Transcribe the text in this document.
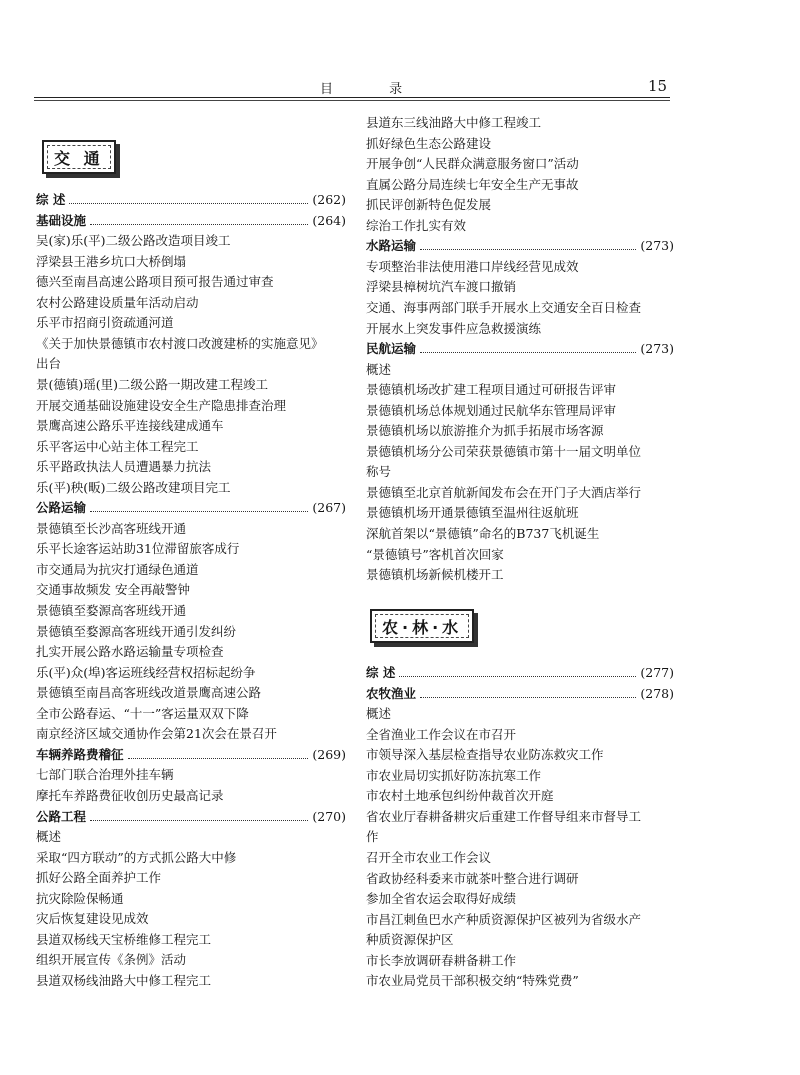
目 录	15
交 通
综 述	(262)
基础设施	(264)
吴(家)乐(平)二级公路改造项目竣工
浮梁县王港乡坑口大桥倒塌
德兴至南昌高速公路项目预可报告通过审查
农村公路建设质量年活动启动
乐平市招商引资疏通河道
《关于加快景德镇市农村渡口改渡建桥的实施意见》
出台
景(德镇)瑶(里)二级公路一期改建工程竣工
开展交通基础设施建设安全生产隐患排查治理
景鹰高速公路乐平连接线建成通车
乐平客运中心站主体工程完工
乐平路政执法人员遭遇暴力抗法
乐(平)秧(畈)二级公路改建项目完工
公路运输	(267)
景德镇至长沙高客班线开通
乐平长途客运站助31位滞留旅客成行
市交通局为抗灾打通绿色通道
交通事故频发 安全再敲警钟
景德镇至婺源高客班线开通
景德镇至婺源高客班线开通引发纠纷
扎实开展公路水路运输量专项检查
乐(平)众(埠)客运班线经营权招标起纷争
景德镇至南昌高客班线改道景鹰高速公路
全市公路春运、“十一”客运量双双下降
南京经济区域交通协作会第21次会在景召开
车辆养路费稽征	(269)
七部门联合治理外挂车辆
摩托车养路费征收创历史最高记录
公路工程	(270)
概述
采取“四方联动”的方式抓公路大中修
抓好公路全面养护工作
抗灾除险保畅通
灾后恢复建设见成效
县道双杨线天宝桥维修工程完工
组织开展宣传《条例》活动
县道双杨线油路大中修工程完工
县道东三线油路大中修工程竣工
抓好绿色生态公路建设
开展争创“人民群众满意服务窗口”活动
直属公路分局连续七年安全生产无事故
抓民评创新特色促发展
综治工作扎实有效
水路运输	(273)
专项整治非法使用港口岸线经营见成效
浮梁县樟树坑汽车渡口撤销
交通、海事两部门联手开展水上交通安全百日检查
开展水上突发事件应急救援演练
民航运输	(273)
概述
景德镇机场改扩建工程项目通过可研报告评审
景德镇机场总体规划通过民航华东管理局评审
景德镇机场以旅游推介为抓手拓展市场客源
景德镇机场分公司荣获景德镇市第十一届文明单位
称号
景德镇至北京首航新闻发布会在开门子大酒店举行
景德镇机场开通景德镇至温州往返航班
深航首架以“景德镇”命名的B737飞机诞生
“景德镇号”客机首次回家
景德镇机场新候机楼开工
农·林·水
综 述	(277)
农牧渔业	(278)
概述
全省渔业工作会议在市召开
市领导深入基层检查指导农业防冻救灾工作
市农业局切实抓好防冻抗寒工作
市农村土地承包纠纷仲裁首次开庭
省农业厅春耕备耕灾后重建工作督导组来市督导工
作
召开全市农业工作会议
省政协经科委来市就茶叶整合进行调研
参加全省农运会取得好成绩
市昌江刺鱼巴水产种质资源保护区被列为省级水产
种质资源保护区
市长李放调研春耕备耕工作
市农业局党员干部积极交纳“特殊党费”
